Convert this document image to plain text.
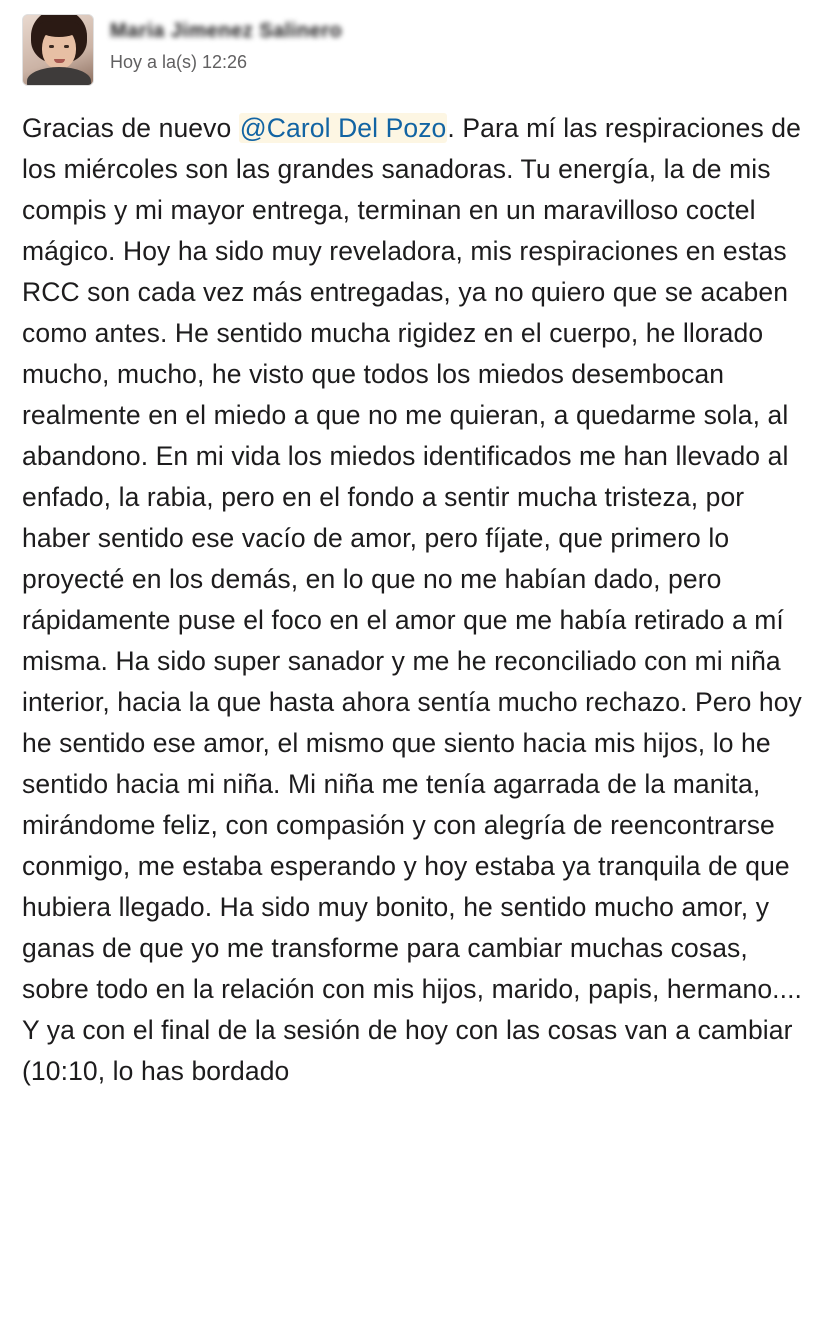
Maria Jimenez Salinero
Hoy a la(s) 12:26
Gracias de nuevo @Carol Del Pozo. Para mí las respiraciones de los miércoles son las grandes sanadoras. Tu energía, la de mis compis y mi mayor entrega, terminan en un maravilloso coctel mágico. Hoy ha sido muy reveladora, mis respiraciones en estas RCC son cada vez más entregadas, ya no quiero que se acaben como antes. He sentido mucha rigidez en el cuerpo, he llorado mucho, mucho, he visto que todos los miedos desembocan realmente en el miedo a que no me quieran, a quedarme sola, al abandono. En mi vida los miedos identificados me han llevado al enfado, la rabia, pero en el fondo a sentir mucha tristeza, por haber sentido ese vacío de amor, pero fíjate, que primero lo proyecté en los demás, en lo que no me habían dado, pero rápidamente puse el foco en el amor que me había retirado a mí misma. Ha sido super sanador y me he reconciliado con mi niña interior, hacia la que hasta ahora sentía mucho rechazo. Pero hoy he sentido ese amor, el mismo que siento hacia mis hijos, lo he sentido hacia mi niña. Mi niña me tenía agarrada de la manita, mirándome feliz, con compasión y con alegría de reencontrarse conmigo, me estaba esperando y hoy estaba ya tranquila de que hubiera llegado. Ha sido muy bonito, he sentido mucho amor, y ganas de que yo me transforme para cambiar muchas cosas, sobre todo en la relación con mis hijos, marido, papis, hermano.... Y ya con el final de la sesión de hoy con las cosas van a cambiar (10:10, lo has bordado
